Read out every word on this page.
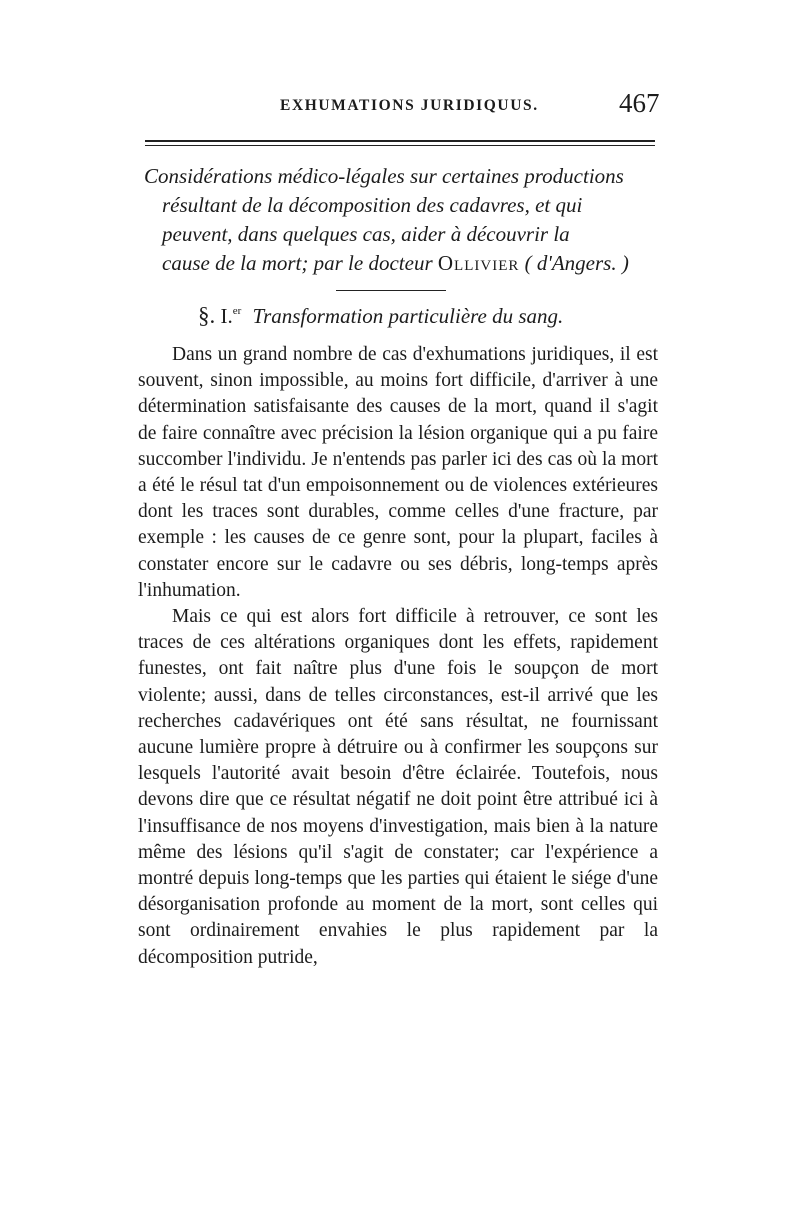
EXHUMATIONS JURIDIQUUS.	467
Considérations médico-légales sur certaines productions
résultant de la décomposition des cadavres, et qui
peuvent, dans quelques cas, aider à découvrir la
cause de la mort; par le docteur Ollivier ( d'Angers. )
§. I.$^{er}$ Transformation particulière du sang.

Dans un grand nombre de cas d'exhumations juridiques, il est souvent, sinon impossible, au moins fort difficile, d'arriver à une détermination satisfaisante des causes de la mort, quand il s'agit de faire connaître avec précision la lésion organique qui a pu faire succomber l'individu. Je n'entends pas parler ici des cas où la mort a été le résul tat d'un empoisonnement ou de violences extérieures dont les traces sont durables, comme celles d'une fracture, par exemple : les causes de ce genre sont, pour la plupart, faciles à constater encore sur le cadavre ou ses débris, long-temps après l'inhumation.

Mais ce qui est alors fort difficile à retrouver, ce sont les traces de ces altérations organiques dont les effets, rapidement funestes, ont fait naître plus d'une fois le soupçon de mort violente; aussi, dans de telles circonstances, est-il arrivé que les recherches cadavériques ont été sans résultat, ne fournissant aucune lumière propre à détruire ou à confirmer les soupçons sur lesquels l'autorité avait besoin d'être éclairée. Toutefois, nous devons dire que ce résultat négatif ne doit point être attribué ici à l'insuffisance de nos moyens d'investigation, mais bien à la nature même des lésions qu'il s'agit de constater; car l'expérience a montré depuis long-temps que les parties qui étaient le siége d'une désorganisation profonde au moment de la mort, sont celles qui sont ordinairement envahies le plus rapidement par la décomposition putride,
